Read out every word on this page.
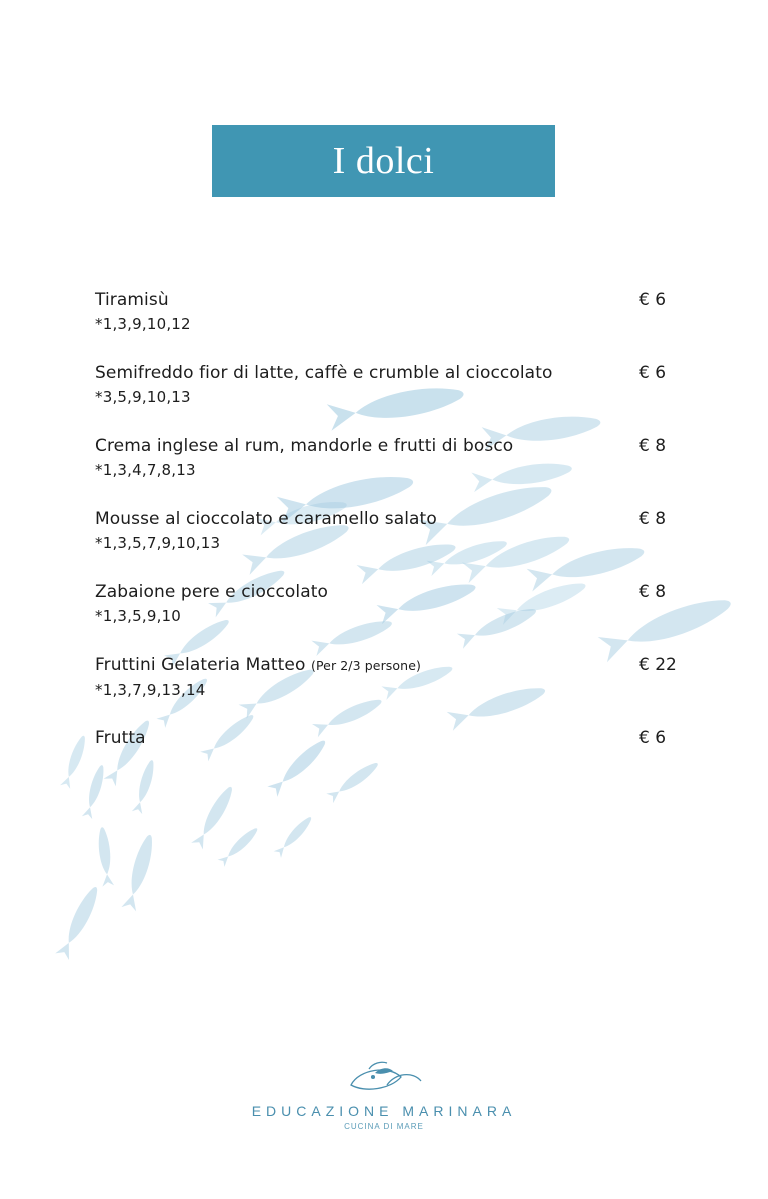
I dolci
Tiramisù
*1,3,9,10,12
€ 6
Semifreddo fior di latte, caffè e crumble al cioccolato
*3,5,9,10,13
€ 6
Crema inglese al rum, mandorle e frutti di bosco
*1,3,4,7,8,13
€ 8
Mousse al cioccolato e caramello salato
*1,3,5,7,9,10,13
€ 8
Zabaione pere e cioccolato
*1,3,5,9,10
€ 8
Fruttini Gelateria Matteo (Per 2/3 persone)
*1,3,7,9,13,14
€ 22
Frutta	€ 6
EDUCAZIONE MARINARA
CUCINA DI MARE
